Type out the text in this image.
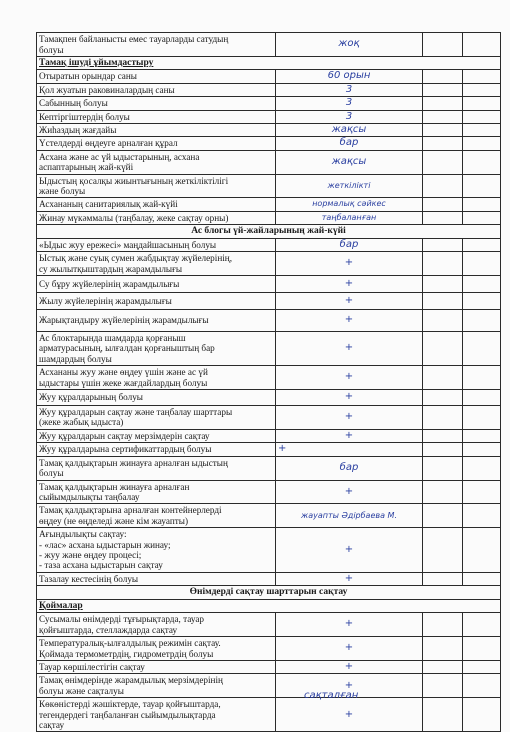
Тамақпен байланысты емес тауарларды сатудың
болуы	жоқ		
Тамақ ішуді ұйымдастыру			
Отыратын орындар саны	60 орын		
Қол жуатын раковиналардың саны	3		
Сабынның болуы	3		
Кептіргіштердің болуы	3		
Жиһаздың жағдайы	жақсы		
Үстелдерді өңдеуге арналған құрал	бар		
Асхана және ас үй ыдыстарының, асхана
аспаптарының жай-күйі	жақсы		
Ыдыстың қосалқы жиынтығының жеткіліктілігі
және болуы	жеткілікті		
Асхананың санитариялық жай-күйі	нормалық сәйкес		
Жинау мүкәммалы (таңбалау, жеке сақтау орны)	таңбаланған		
Ас блогы үй-жайларының жай-күйі			
«Ыдыс жуу ережесі» маңдайшасының болуы	бар		
Ыстық және суық сумен жабдықтау жүйелерінің,
су жылытқыштардың жарамдылығы	+		
Су бұру жүйелерінің жарамдылығы	+		
Жылу жүйелерінің жарамдылығы	+		
Жарықтандыру жүйелерінің жарамдылығы	+		
Ас блоктарында шамдарда қорғаныш
арматурасының, ылғалдан қорғаныштың бар
шамдардың болуы	+		
Асхананы жуу және өңдеу үшін және ас үй
ыдыстары үшін жеке жағдайлардың болуы	+		
Жуу құралдарының болуы	+		
Жуу құралдарын сақтау және таңбалау шарттары
(жеке жабық ыдыста)	+		
Жуу құралдарын сақтау мерзімдерін сақтау	+		
Жуу құралдарына сертификаттардың болуы	+		
Тамақ қалдықтарын жинауға арналған ыдыстың
болуы	бар		
Тамақ қалдықтарын жинауға арналған
сыйымдылықты таңбалау	+		
Тамақ қалдықтарына арналған контейнерлерді
өңдеу (не өңделеді және кім жауапты)	жауапты Әдірбаева М.		
Ағындылықты сақтау:
- «лас» асхана ыдыстарын жинау;
- жуу және өңдеу процесі;
- таза асхана ыдыстарын сақтау	+		
Тазалау кестесінің болуы	+		
Өнімдерді сақтау шарттарын сақтау			
Қоймалар			
Сусымалы өнімдерді тұғырықтарда, тауар
қойғыштарда, стеллаждарда сақтау	+		
Температуралық-ылғалдылық режимін сақтау.
Қоймада термометрдің, гидрометрдің болуы	+		
Тауар көршілестігін сақтау	+		
Тамақ өнімдерінде жарамдылық мерзімдерінің
болуы және сақталуы	+		
Көкөністерді жәшіктерде, тауар қойғыштарда,
тегендердегі таңбаланған сыйымдылықтарда
сақтау	+		
сақталған
